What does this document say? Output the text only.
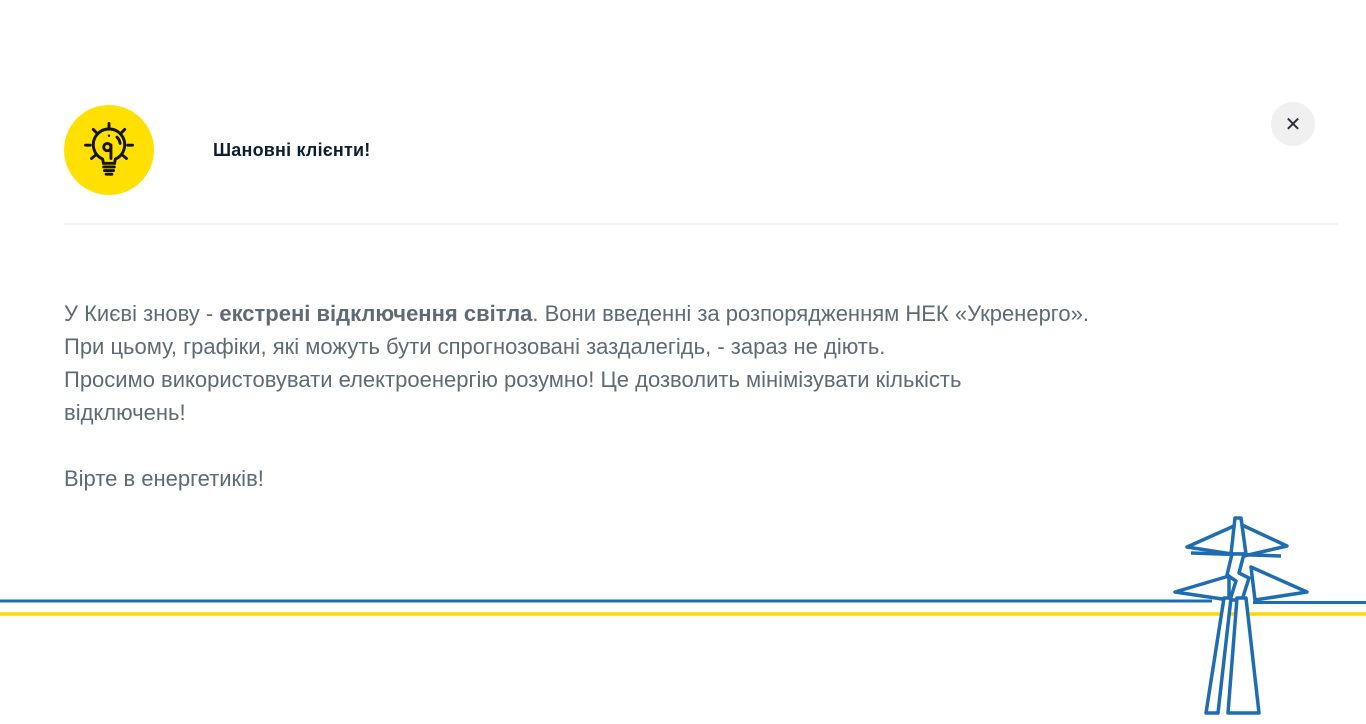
Шановні клієнти!
✕
У Києві знову - екстрені відключення світла. Вони введенні за розпорядженням НЕК «Укренерго».
При цьому, графіки, які можуть бути спрогнозовані заздалегідь, - зараз не діють.
Просимо використовувати електроенергію розумно! Це дозволить мінімізувати кількість
відключень!
Вірте в енергетиків!
